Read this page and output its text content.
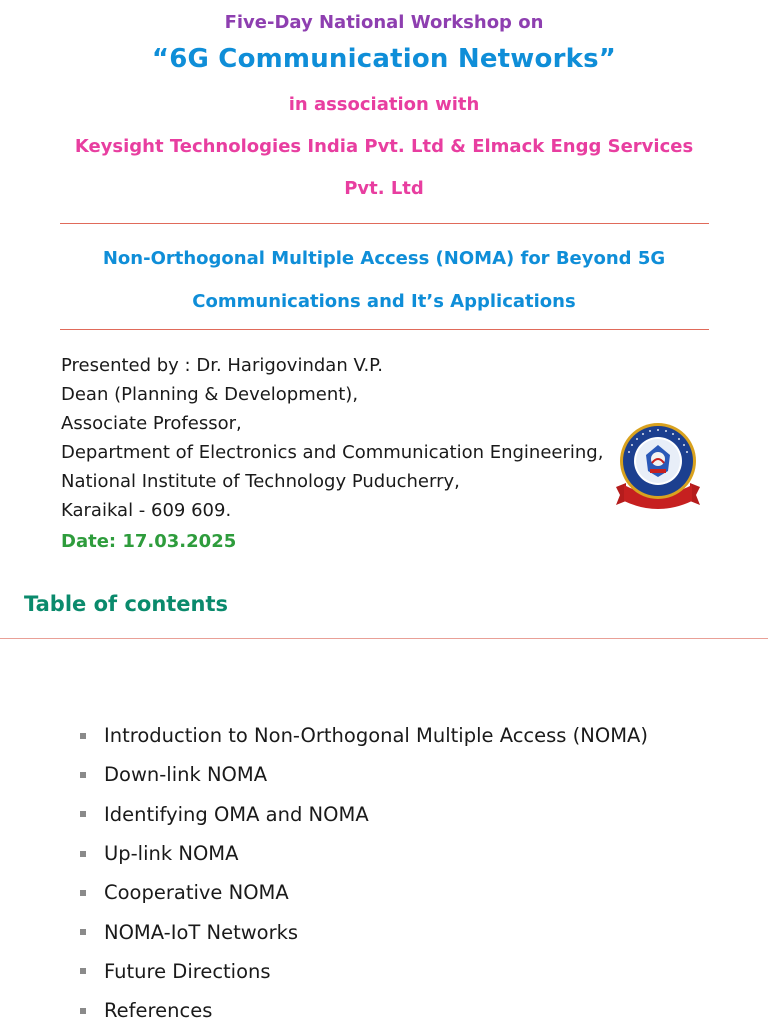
Five-Day National Workshop on
“6G Communication Networks”
in association with
Keysight Technologies India Pvt. Ltd & Elmack Engg Services
Pvt. Ltd
Non-Orthogonal Multiple Access (NOMA) for Beyond 5G
Communications and It’s Applications
Presented by : Dr. Harigovindan V.P.
Dean (Planning & Development),
Associate Professor,
Department of Electronics and Communication Engineering,
National Institute of Technology Puducherry,
Karaikal - 609 609.
Date: 17.03.2025
Table of contents
Introduction to Non-Orthogonal Multiple Access (NOMA)
Down-link NOMA
Identifying OMA and NOMA
Up-link NOMA
Cooperative NOMA
NOMA-IoT Networks
Future Directions
References
